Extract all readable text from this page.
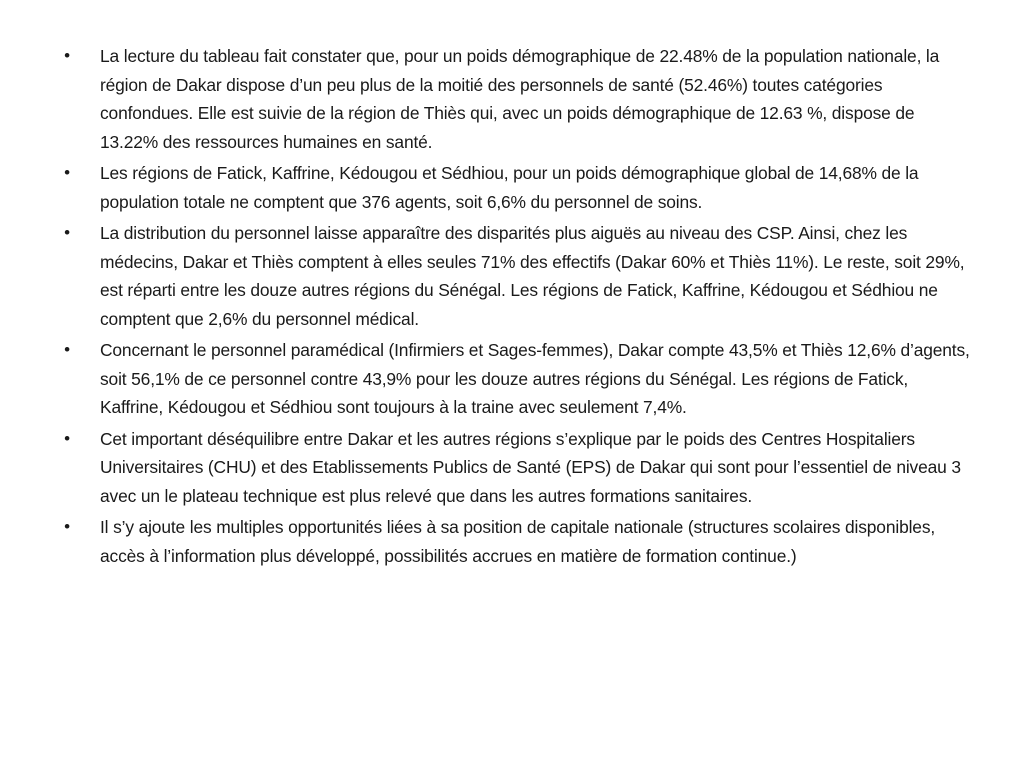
• La lecture du tableau fait constater que, pour un poids démographique de 22.48% de la population nationale, la région de Dakar dispose d’un peu plus de la moitié des personnels de santé (52.46%) toutes catégories confondues. Elle est suivie de la région de Thiès qui, avec un poids démographique de 12.63 %, dispose de 13.22% des ressources humaines en santé.
• Les régions de Fatick, Kaffrine, Kédougou et Sédhiou, pour un poids démographique global de 14,68% de la population totale ne comptent que 376 agents, soit 6,6% du personnel de soins.
• La distribution du personnel laisse apparaître des disparités plus aiguës au niveau des CSP. Ainsi, chez les médecins, Dakar et Thiès comptent à elles seules 71% des effectifs (Dakar 60% et Thiès 11%). Le reste, soit 29%, est réparti entre les douze autres régions du Sénégal. Les régions de Fatick, Kaffrine, Kédougou et Sédhiou ne comptent que 2,6% du personnel médical.
• Concernant le personnel paramédical (Infirmiers et Sages-femmes), Dakar compte 43,5% et Thiès 12,6% d’agents, soit 56,1% de ce personnel contre 43,9% pour les douze autres régions du Sénégal. Les régions de Fatick, Kaffrine, Kédougou et Sédhiou sont toujours à la traine avec seulement 7,4%.
• Cet important déséquilibre entre Dakar et les autres régions s’explique par le poids des Centres Hospitaliers Universitaires (CHU) et des Etablissements Publics de Santé (EPS) de Dakar qui sont pour l’essentiel de niveau 3 avec un le plateau technique est plus relevé que dans les autres formations sanitaires.
• Il s’y ajoute les multiples opportunités liées à sa position de capitale nationale (structures scolaires disponibles, accès à l’information plus développé, possibilités accrues en matière de formation continue.)
